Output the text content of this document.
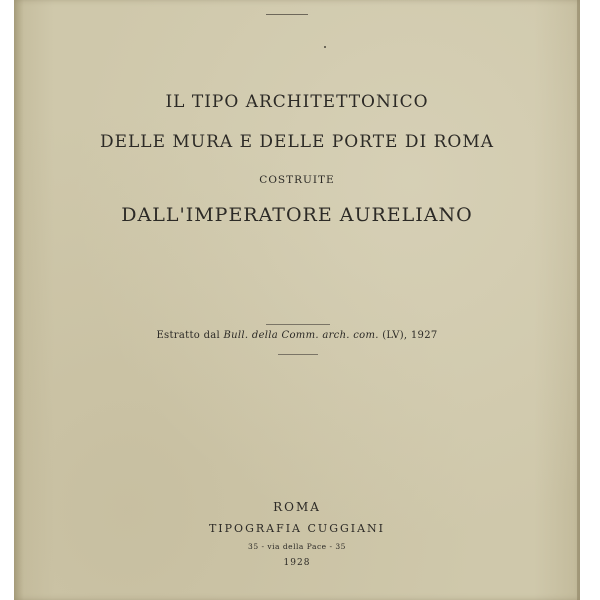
IL TIPO ARCHITETTONICO
DELLE MURA E DELLE PORTE DI ROMA
COSTRUITE
DALL'IMPERATORE AURELIANO
Estratto dal Bull. della Comm. arch. com. (LV), 1927
ROMA
TIPOGRAFIA CUGGIANI
35 - via della Pace - 35
1928
